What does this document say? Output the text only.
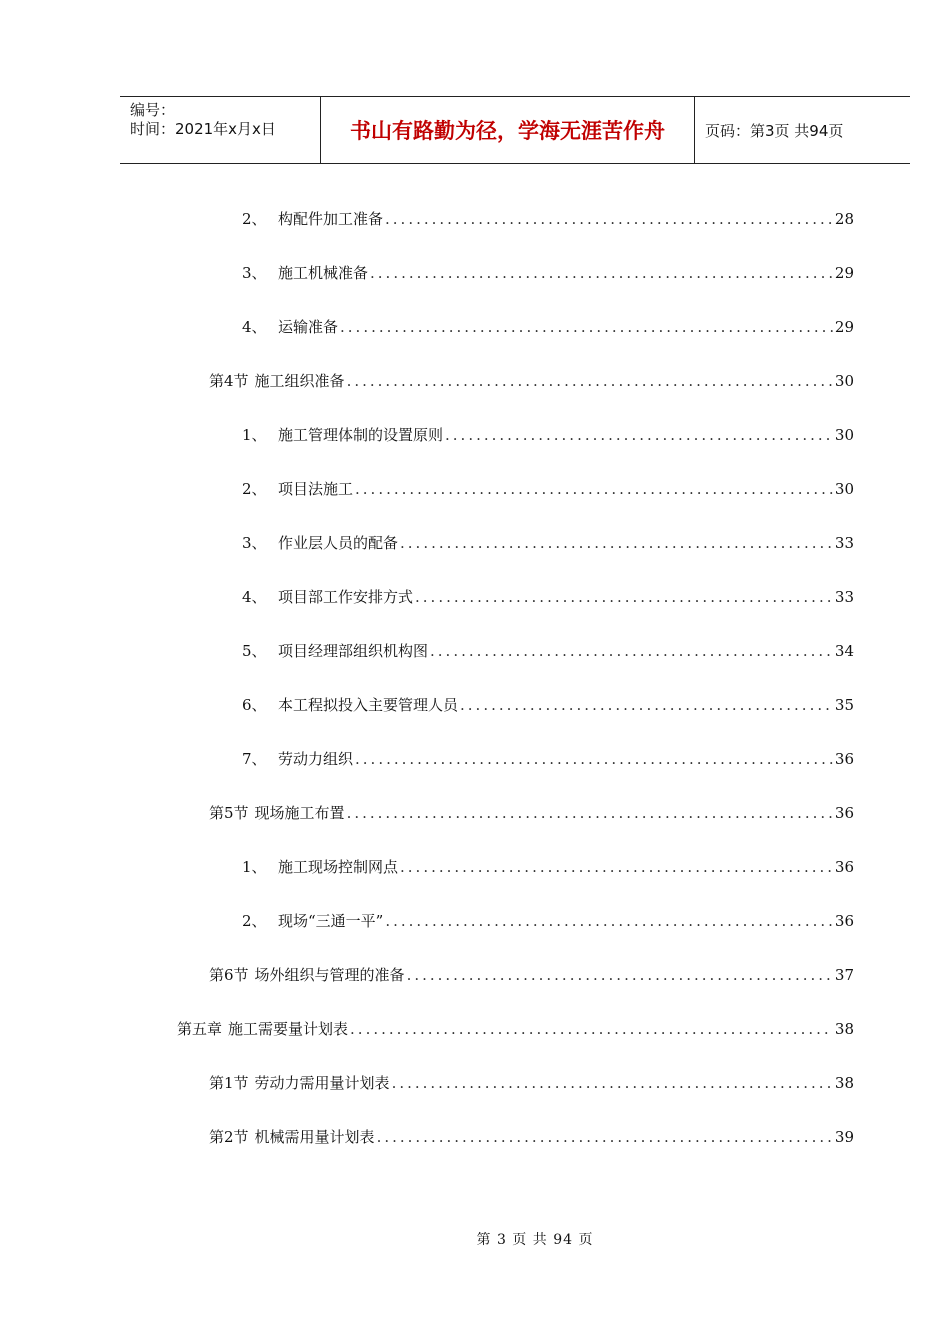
编号：
时间：2021年x月x日	书山有路勤为径，学海无涯苦作舟	页码：第3页 共94页
2、 构配件加工准备 .....	28
3、 施工机械准备 .....	29
4、 运输准备 .....	29
第4节 施工组织准备 .....	30
1、 施工管理体制的设置原则 .....	30
2、 项目法施工 .....	30
3、 作业层人员的配备 .....	33
4、 项目部工作安排方式 .....	33
5、 项目经理部组织机构图 .....	34
6、 本工程拟投入主要管理人员 .....	35
7、 劳动力组织 .....	36
第5节 现场施工布置 .....	36
1、 施工现场控制网点 .....	36
2、 现场“三通一平” .....	36
第6节 场外组织与管理的准备 .....	37
第五章 施工需要量计划表 .....	38
第1节 劳动力需用量计划表 .....	38
第2节 机械需用量计划表 .....	39
第 3 页 共 94 页
